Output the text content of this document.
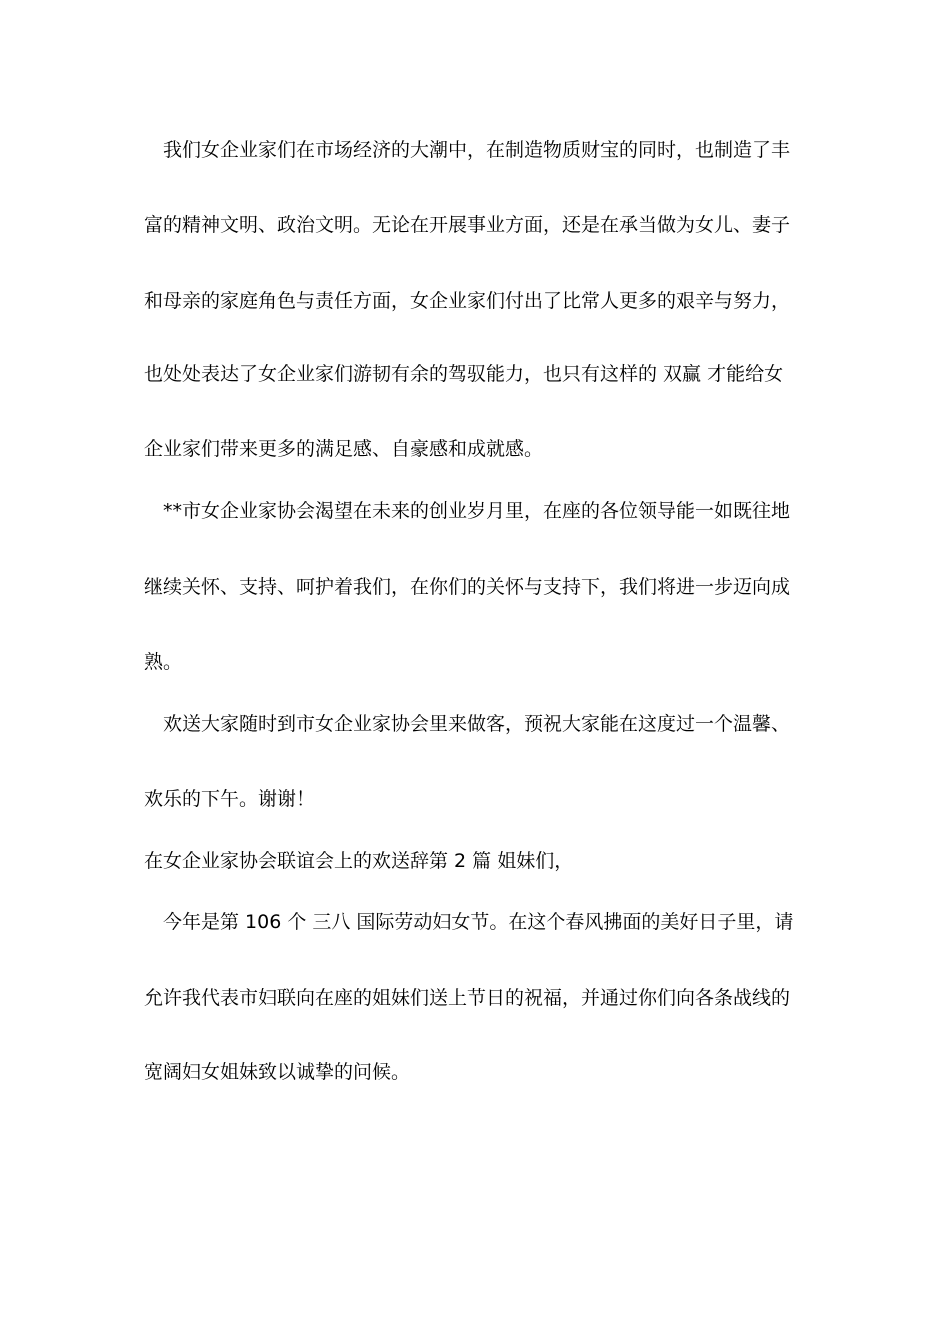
我们女企业家们在市场经济的大潮中，在制造物质财宝的同时，也制造了丰
富的精神文明、政治文明。无论在开展事业方面，还是在承当做为女儿、妻子
和母亲的家庭角色与责任方面，女企业家们付出了比常人更多的艰辛与努力，
也处处表达了女企业家们游韧有余的驾驭能力，也只有这样的 双赢 才能给女
企业家们带来更多的满足感、自豪感和成就感。
**市女企业家协会渴望在未来的创业岁月里，在座的各位领导能一如既往地
继续关怀、支持、呵护着我们，在你们的关怀与支持下，我们将进一步迈向成
熟。
欢送大家随时到市女企业家协会里来做客，预祝大家能在这度过一个温馨、
欢乐的下午。谢谢！
在女企业家协会联谊会上的欢送辞第 2 篇 姐妹们，
今年是第 106 个 三八 国际劳动妇女节。在这个春风拂面的美好日子里，请
允许我代表市妇联向在座的姐妹们送上节日的祝福，并通过你们向各条战线的
宽阔妇女姐妹致以诚挚的问候。
